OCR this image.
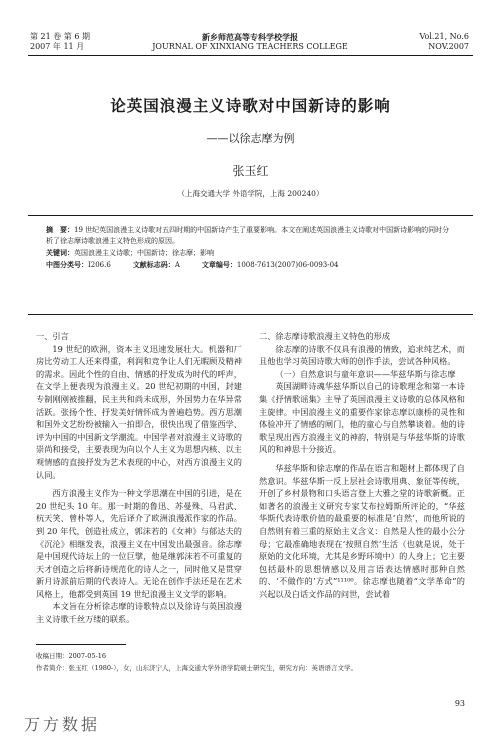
第 21 卷 第 6 期
2007 年 11 月
新乡师范高等专科学校学报
JOURNAL OF XINXIANG TEACHERS COLLEGE
Vol.21, No.6
NOV.2007
论英国浪漫主义诗歌对中国新诗的影响
——以徐志摩为例
张玉红
（上海交通大学 外语学院，上海 200240）

摘　要：19 世纪英国浪漫主义诗歌对五四时期的中国新诗产生了重要影响。本文在阐述英国浪漫主义诗歌对中国新诗影响的同时分析了徐志摩诗歌浪漫主义特色形成的原因。

关键词：英国浪漫主义诗歌；中国新诗；徐志摩；影响

中图分类号：I206.6	文献标志码：A	文章编号：1008-7613(2007)06-0093-04
一、引言

19 世纪的欧洲，资本主义迅速发展壮大。机器和厂房比劳动工人还来得重，利润和竞争让人们无暇顾及精神的需求。因此个性的自由、情感的抒发成为时代的呼声，在文学上便表现为浪漫主义。20 世纪初期的中国，封建专制刚刚被推翻，民主共和尚未成形，外国势力在华异常活跃。张扬个性、抒发美好情怀成为普遍趋势。西方思潮和国外文艺纷纷被输入一拍即合，很快出现了借鉴西学、评为中国的中国新文学潮流。中国学者对浪漫主义诗歌的崇尚和接受，主要表现为向以个人主义为思想内核、以主观情感的直接抒发为艺术表现的中心，对西方浪漫主义的认同。

西方浪漫主义作为一种文学思潮在中国的引进，是在 20 世纪头 10 年。那一时期的鲁迅、苏曼殊、马君武、杭天笑、曾朴等人，先后译介了欧洲浪漫派作家的作品。到 20 年代，创造社成立，郭沫若的《女神》与郁达夫的《沉沦》相继发表，浪漫主义在中国发出最强音。徐志摩是中国现代诗坛上的一位巨擘，他是继郭沫若不可重复的天才创造之后将新诗规范化的诗人之一，同时他又是贯穿新月诗派前后期的代表诗人。无论在创作手法还是在艺术风格上，他都受到英国 19 世纪浪漫主义文学的影响。

本文旨在分析徐志摩的诗歌特点以及徐诗与英国浪漫主义诗歌千丝万缕的联系。

二、徐志摩诗歌浪漫主义特色的形成

徐志摩的诗歌不仅具有浪漫的情致，追求纯艺术，而且他也学习英国诗歌大师的创作手法，尝试各种风格。

（一）自然意识与童年意识——华兹华斯与徐志摩

英国湖畔诗魂华兹华斯以自己的诗歌理念和第一本诗集《抒情歌谣集》主导了英国浪漫主义诗歌的总体风格和主旋律。中国浪漫主义的重要作家徐志摩以康桥的灵性和体验冲开了情感的闸门，他的童心与自然攀谈着。他的诗歌呈现出西方浪漫主义的神韵，特别是与华兹华斯的诗歌风的和神思十分接近。

华兹华斯和徐志摩的作品在语言和题材上都体现了自然意识。华兹华斯一反上层社会诗歌用典、象征等传统，开创了乡村景物和口头语言登上大雅之堂的诗歌新概。正如著名的浪漫主义研究专家艾布拉姆斯所评论的，“华兹华斯代表诗歌价值的最重要的标准是‘自然’，而他所说的自然则有着三重的原始主义含义：自然是人性的最小公分母；它最准确地表现在‘按照自然’生活（也就是说，处于原始的文化环境，尤其是乡野环境中）的人身上；它主要包括最朴的思想情感以及用言语表达情感时那种自然的、‘不做作的’方式”¹¹¹⁰⁰。徐志摩也随着“文学革命”的兴起以及白话文作品的问世，尝试着

收稿日期：2007-05-16

作者简介：张玉红（1980-），女，山东济宁人，上海交通大学外语学院硕士研究生，研究方向：英语语言文学。

93
万方数据
